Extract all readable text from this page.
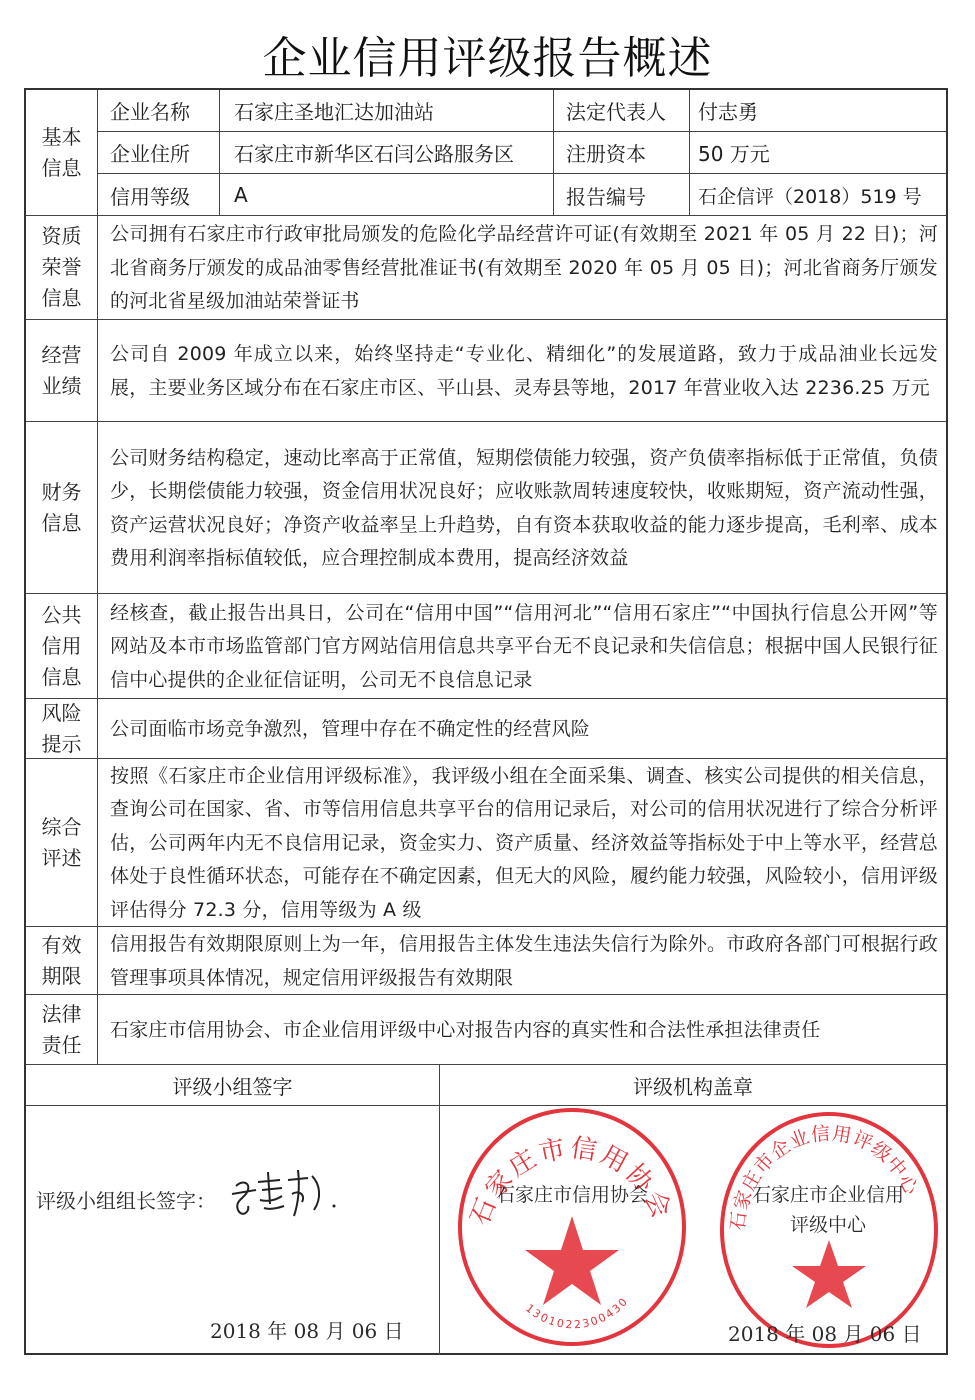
企业信用评级报告概述
基本信息
企业名称	石家庄圣地汇达加油站	法定代表人	付志勇
企业住所	石家庄市新华区石闫公路服务区	注册资本	50 万元
信用等级	A	报告编号	石企信评（2018）519 号
资质荣誉信息
公司拥有石家庄市行政审批局颁发的危险化学品经营许可证(有效期至 2021 年 05 月 22 日)；河北省商务厅颁发的成品油零售经营批准证书(有效期至 2020 年 05 月 05 日)；河北省商务厅颁发的河北省星级加油站荣誉证书
经营业绩
公司自 2009 年成立以来，始终坚持走“专业化、精细化”的发展道路，致力于成品油业长远发展，主要业务区域分布在石家庄市区、平山县、灵寿县等地，2017 年营业收入达 2236.25 万元
财务信息
公司财务结构稳定，速动比率高于正常值，短期偿债能力较强，资产负债率指标低于正常值，负债少，长期偿债能力较强，资金信用状况良好；应收账款周转速度较快，收账期短，资产流动性强，资产运营状况良好；净资产收益率呈上升趋势，自有资本获取收益的能力逐步提高，毛利率、成本费用利润率指标值较低，应合理控制成本费用，提高经济效益
公共信用信息
经核查，截止报告出具日，公司在“信用中国”“信用河北”“信用石家庄”“中国执行信息公开网”等网站及本市市场监管部门官方网站信用信息共享平台无不良记录和失信信息；根据中国人民银行征信中心提供的企业征信证明，公司无不良信息记录
风险提示
公司面临市场竞争激烈，管理中存在不确定性的经营风险
综合评述
按照《石家庄市企业信用评级标准》，我评级小组在全面采集、调查、核实公司提供的相关信息，查询公司在国家、省、市等信用信息共享平台的信用记录后，对公司的信用状况进行了综合分析评估，公司两年内无不良信用记录，资金实力、资产质量、经济效益等指标处于中上等水平，经营总体处于良性循环状态，可能存在不确定因素，但无大的风险，履约能力较强，风险较小，信用评级评估得分 72.3 分，信用等级为 A 级
有效期限
信用报告有效期限原则上为一年，信用报告主体发生违法失信行为除外。市政府各部门可根据行政管理事项具体情况，规定信用评级报告有效期限
法律责任
石家庄市信用协会、市企业信用评级中心对报告内容的真实性和合法性承担法律责任
评级小组签字	评级机构盖章
评级小组组长签字：
2018 年 08 月 06 日
石家庄市信用协会
1301022300430
石家庄市信用协会
石家庄市企业信用评级中心
石家庄市企业信用
评级中心
2018 年 08 月 06 日
